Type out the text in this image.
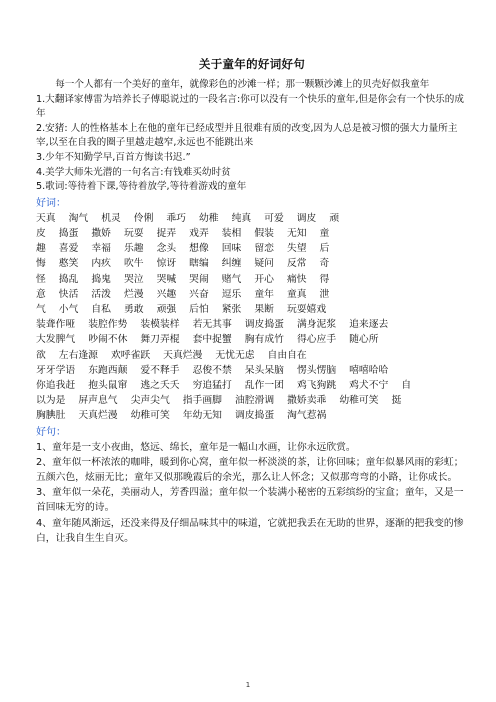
关于童年的好词好句

每一个人都有一个美好的童年，就像彩色的沙滩一样；那一颗颗沙滩上的贝壳好似我童年

1.大翻译家傅雷为培养长子傅聪说过的一段名言:你可以没有一个快乐的童年,但是你会有一个快乐的成年

2.安猪: 人的性格基本上在他的童年已经成型并且很难有质的改变,因为人总是被习惯的强大力量所主宰,以至在自我的圈子里越走越窄,永远也不能跳出来

3.少年不知勤学早,百首方悔读书迟.”

4.美学大师朱光潜的一句名言:有钱难买幼时贫

5.歌词:等待着下课,等待着放学,等待着游戏的童年

好词：

天真 淘气 机灵 伶俐 乖巧 幼稚 纯真 可爱 调皮 顽
皮 捣蛋 撒娇 玩耍 捉弄 戏弄 装相 假装 无知 童
趣 喜爱 幸福 乐趣 念头 想像 回味 留恋 失望 后
悔 憨笑 内疚 吹牛 惊讶 瞎编 纠缠 疑问 反常 奇
怪 捣乱 捣鬼 哭泣 哭喊 哭闹 赌气 开心 痛快 得
意 快活 活泼 烂漫 兴趣 兴奋 逗乐 童年 童真 泄
气 小气 自私 勇敢 顽强 后怕 紧张 果断 玩耍嬉戏
装聋作哑 装腔作势 装模装样 若无其事 调皮捣蛋 满身泥浆 追来逐去
大发脾气 吵闹不休 舞刀弄棍 套中捉蟹 胸有成竹 得心应手 随心所
欲 左右逢源 欢呼雀跃 天真烂漫 无忧无虑 自由自在
牙牙学语 东跑西颠 爱不释手 忍俊不禁 呆头呆脑 愣头愣脑 嘻嘻哈哈
你追我赶 抱头鼠窜 逃之夭夭 穷追猛打 乱作一团 鸡飞狗跳 鸡犬不宁 自
以为是 屏声息气 尖声尖气 指手画脚 油腔滑调 撒娇卖乖 幼稚可笑 挺
胸腆肚 天真烂漫 幼稚可笑 年幼无知 调皮捣蛋 淘气惹祸

好句：

1、童年是一支小夜曲，悠远、绵长，童年是一幅山水画，让你永远欣赏。

2、童年似一杯浓浓的咖啡，暖到你心窝，童年似一杯淡淡的茶，让你回味；童年似暴风雨的彩虹；五颜六色，炫丽无比；童年又似那晚霞后的余光，那么让人怀念；又似那弯弯的小路，让你成长。

3、童年似一朵花，美丽动人，芳香四溢；童年似一个装满小秘密的五彩缤纷的宝盒；童年，又是一首回味无穷的诗。

4、童年随风渐远，还没来得及仔细品味其中的味道，它就把我丢在无助的世界，逐渐的把我变的惨白，让我自生生自灭。

1
